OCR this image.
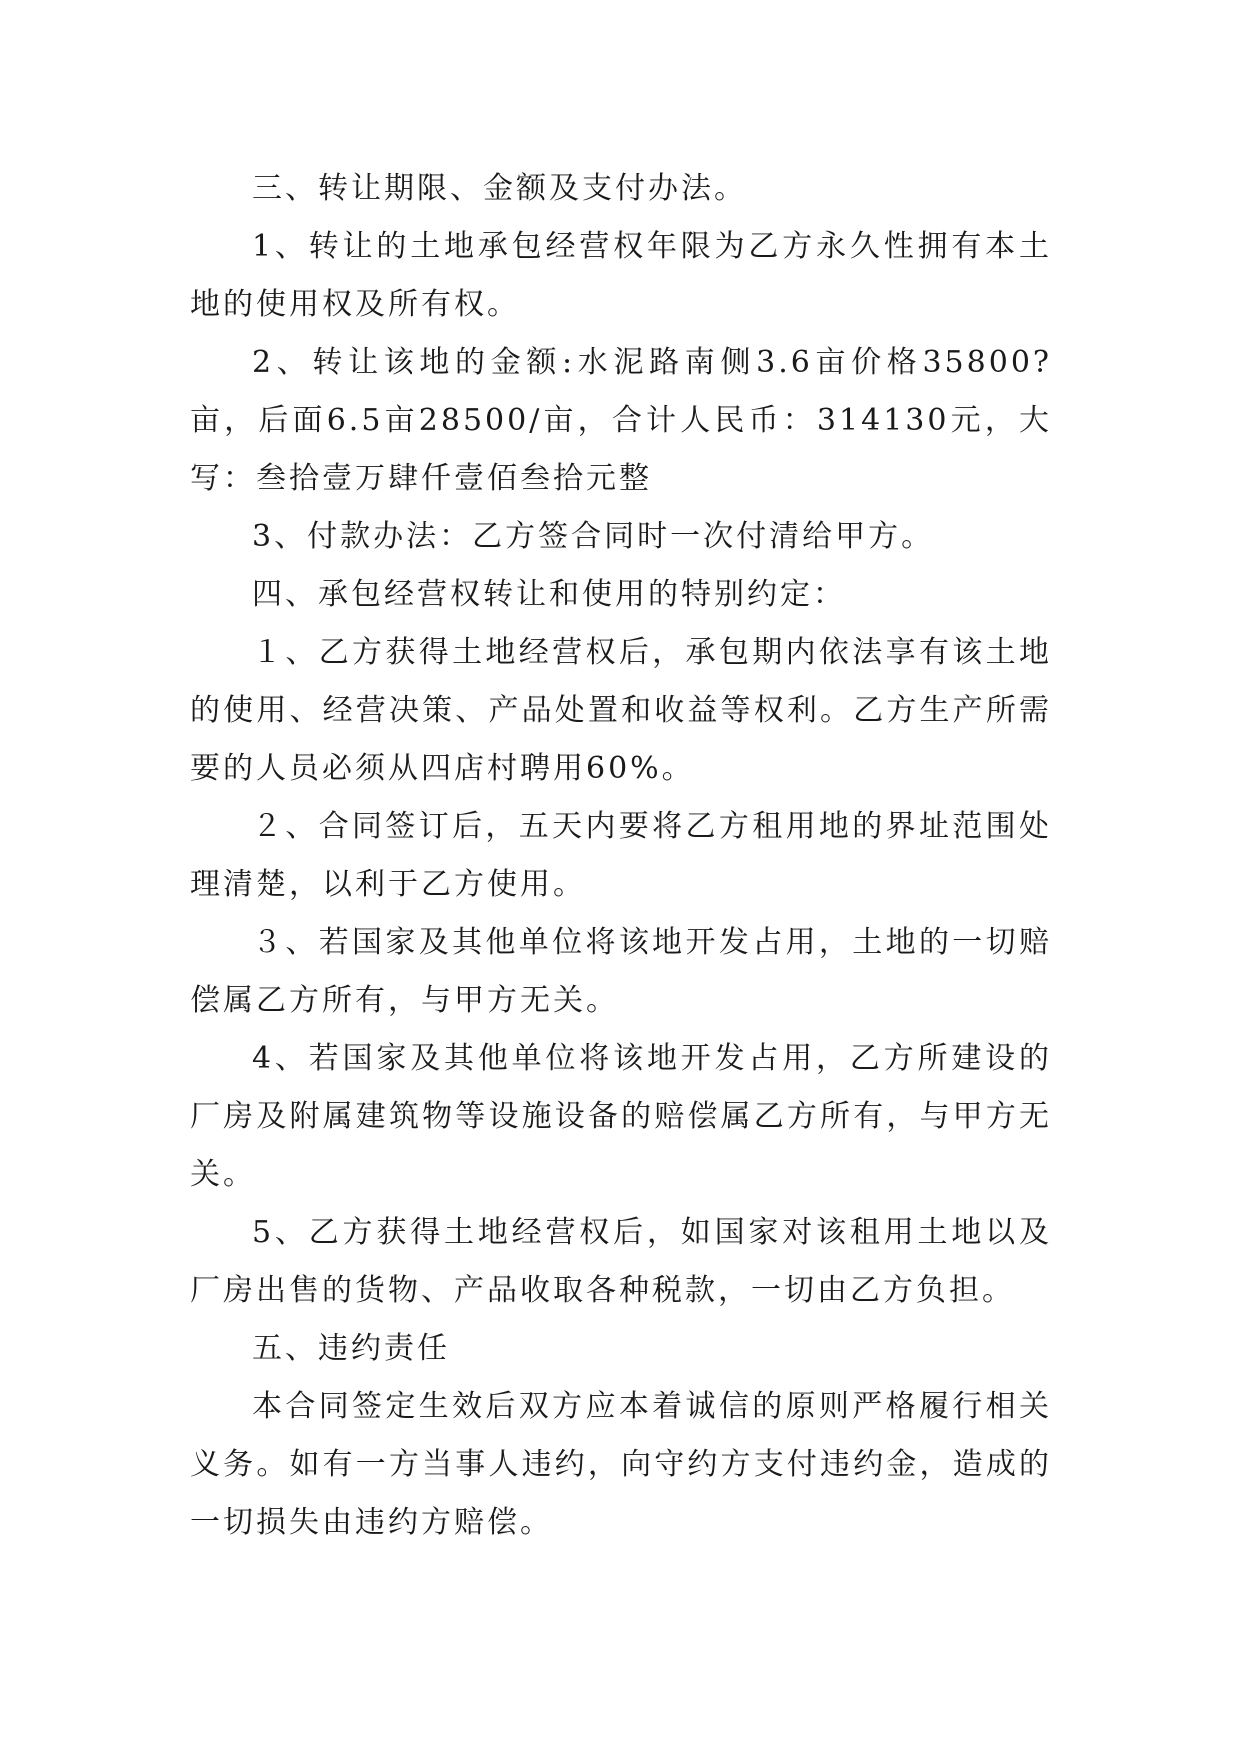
三、转让期限、金额及支付办法。

1、转让的土地承包经营权年限为乙方永久性拥有本土地的使用权及所有权。

2、转让该地的金额:水泥路南侧3.6亩价格35800?亩，后面6.5亩28500/亩，合计人民币：314130元，大写：叁拾壹万肆仟壹佰叁拾元整

3、付款办法：乙方签合同时一次付清给甲方。

四、承包经营权转让和使用的特别约定：

１、乙方获得土地经营权后，承包期内依法享有该土地的使用、经营决策、产品处置和收益等权利。乙方生产所需要的人员必须从四店村聘用60%。

２、合同签订后，五天内要将乙方租用地的界址范围处理清楚，以利于乙方使用。

３、若国家及其他单位将该地开发占用，土地的一切赔偿属乙方所有，与甲方无关。

4、若国家及其他单位将该地开发占用，乙方所建设的厂房及附属建筑物等设施设备的赔偿属乙方所有，与甲方无关。

5、乙方获得土地经营权后，如国家对该租用土地以及厂房出售的货物、产品收取各种税款，一切由乙方负担。

五、违约责任

本合同签定生效后双方应本着诚信的原则严格履行相关义务。如有一方当事人违约，向守约方支付违约金，造成的一切损失由违约方赔偿。
